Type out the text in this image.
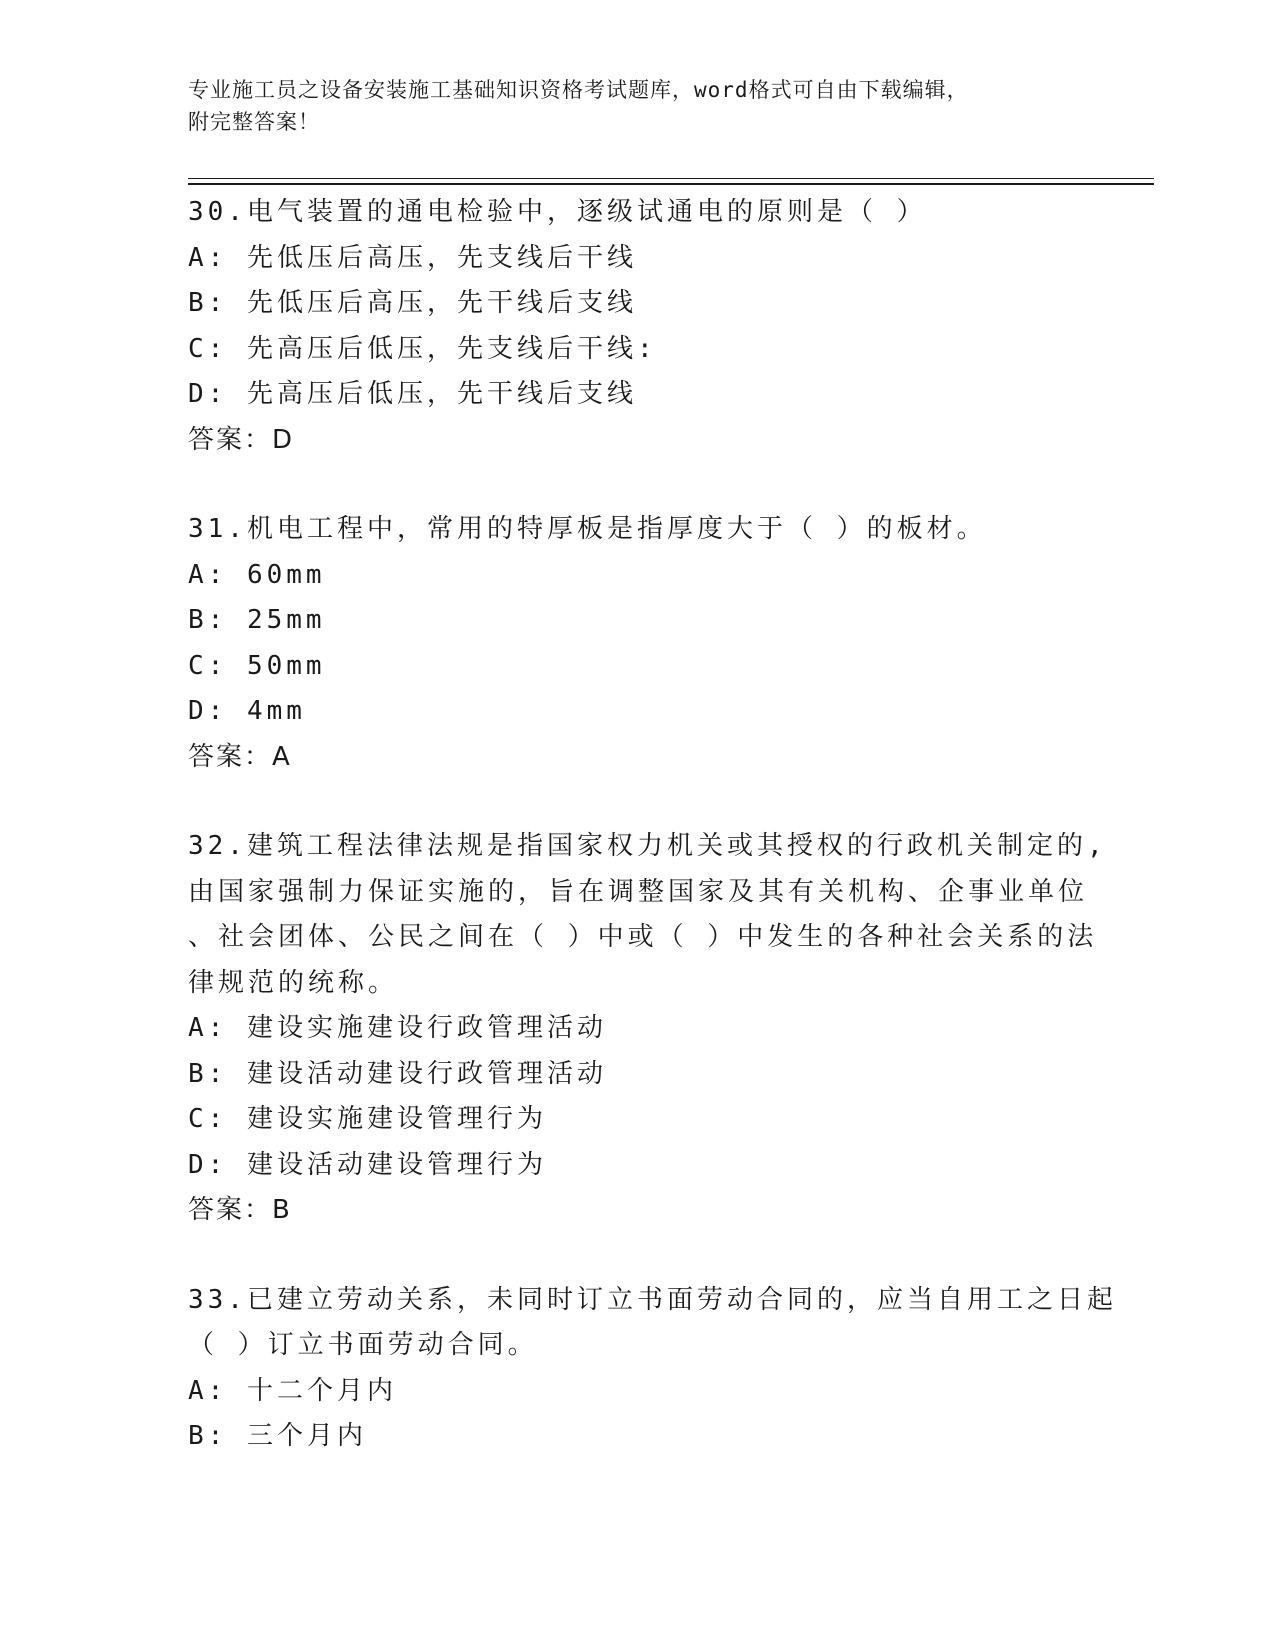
专业施工员之设备安装施工基础知识资格考试题库，word格式可自由下载编辑，
附完整答案！
30.电气装置的通电检验中，逐级试通电的原则是（ ）
A: 先低压后高压，先支线后干线
B: 先低压后高压，先干线后支线
C: 先高压后低压，先支线后干线:
D: 先高压后低压，先干线后支线
答案：D
31.机电工程中，常用的特厚板是指厚度大于（ ）的板材。
A: 60mm
B: 25mm
C: 50mm
D: 4mm
答案：A
32.建筑工程法律法规是指国家权力机关或其授权的行政机关制定的,
由国家强制力保证实施的，旨在调整国家及其有关机构、企事业单位
、社会团体、公民之间在（ ）中或（ ）中发生的各种社会关系的法
律规范的统称。
A: 建设实施建设行政管理活动
B: 建设活动建设行政管理活动
C: 建设实施建设管理行为
D: 建设活动建设管理行为
答案：B
33.已建立劳动关系，未同时订立书面劳动合同的，应当自用工之日起
（ ）订立书面劳动合同。
A: 十二个月内
B: 三个月内
